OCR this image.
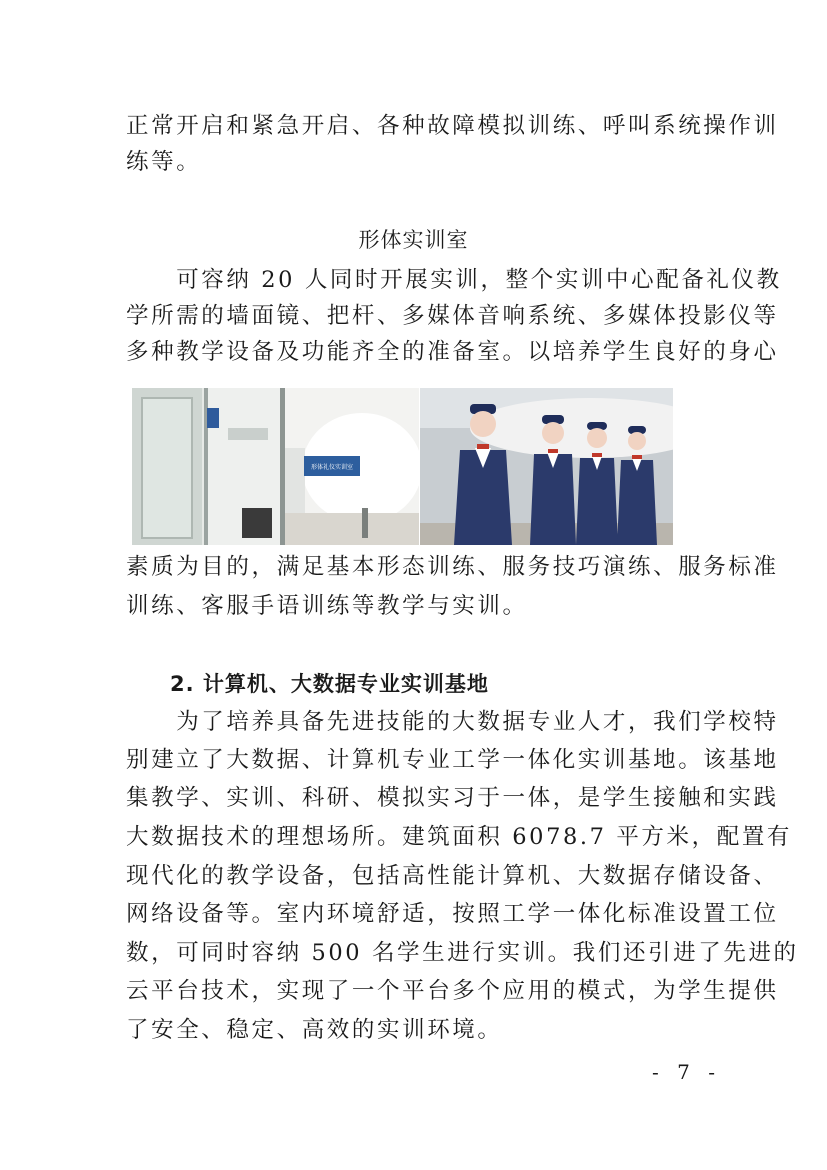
正常开启和紧急开启、各种故障模拟训练、呼叫系统操作训
练等。
形体实训室
　　可容纳 20 人同时开展实训，整个实训中心配备礼仪教
学所需的墙面镜、把杆、多媒体音响系统、多媒体投影仪等
多种教学设备及功能齐全的准备室。以培养学生良好的身心
形体礼仪实训室
素质为目的，满足基本形态训练、服务技巧演练、服务标准
训练、客服手语训练等教学与实训。
2. 计算机、大数据专业实训基地
　　为了培养具备先进技能的大数据专业人才，我们学校特
别建立了大数据、计算机专业工学一体化实训基地。该基地
集教学、实训、科研、模拟实习于一体，是学生接触和实践
大数据技术的理想场所。建筑面积 6078.7 平方米，配置有
现代化的教学设备，包括高性能计算机、大数据存储设备、
网络设备等。室内环境舒适，按照工学一体化标准设置工位
数，可同时容纳 500 名学生进行实训。我们还引进了先进的
云平台技术，实现了一个平台多个应用的模式，为学生提供
了安全、稳定、高效的实训环境。
- 7 -
